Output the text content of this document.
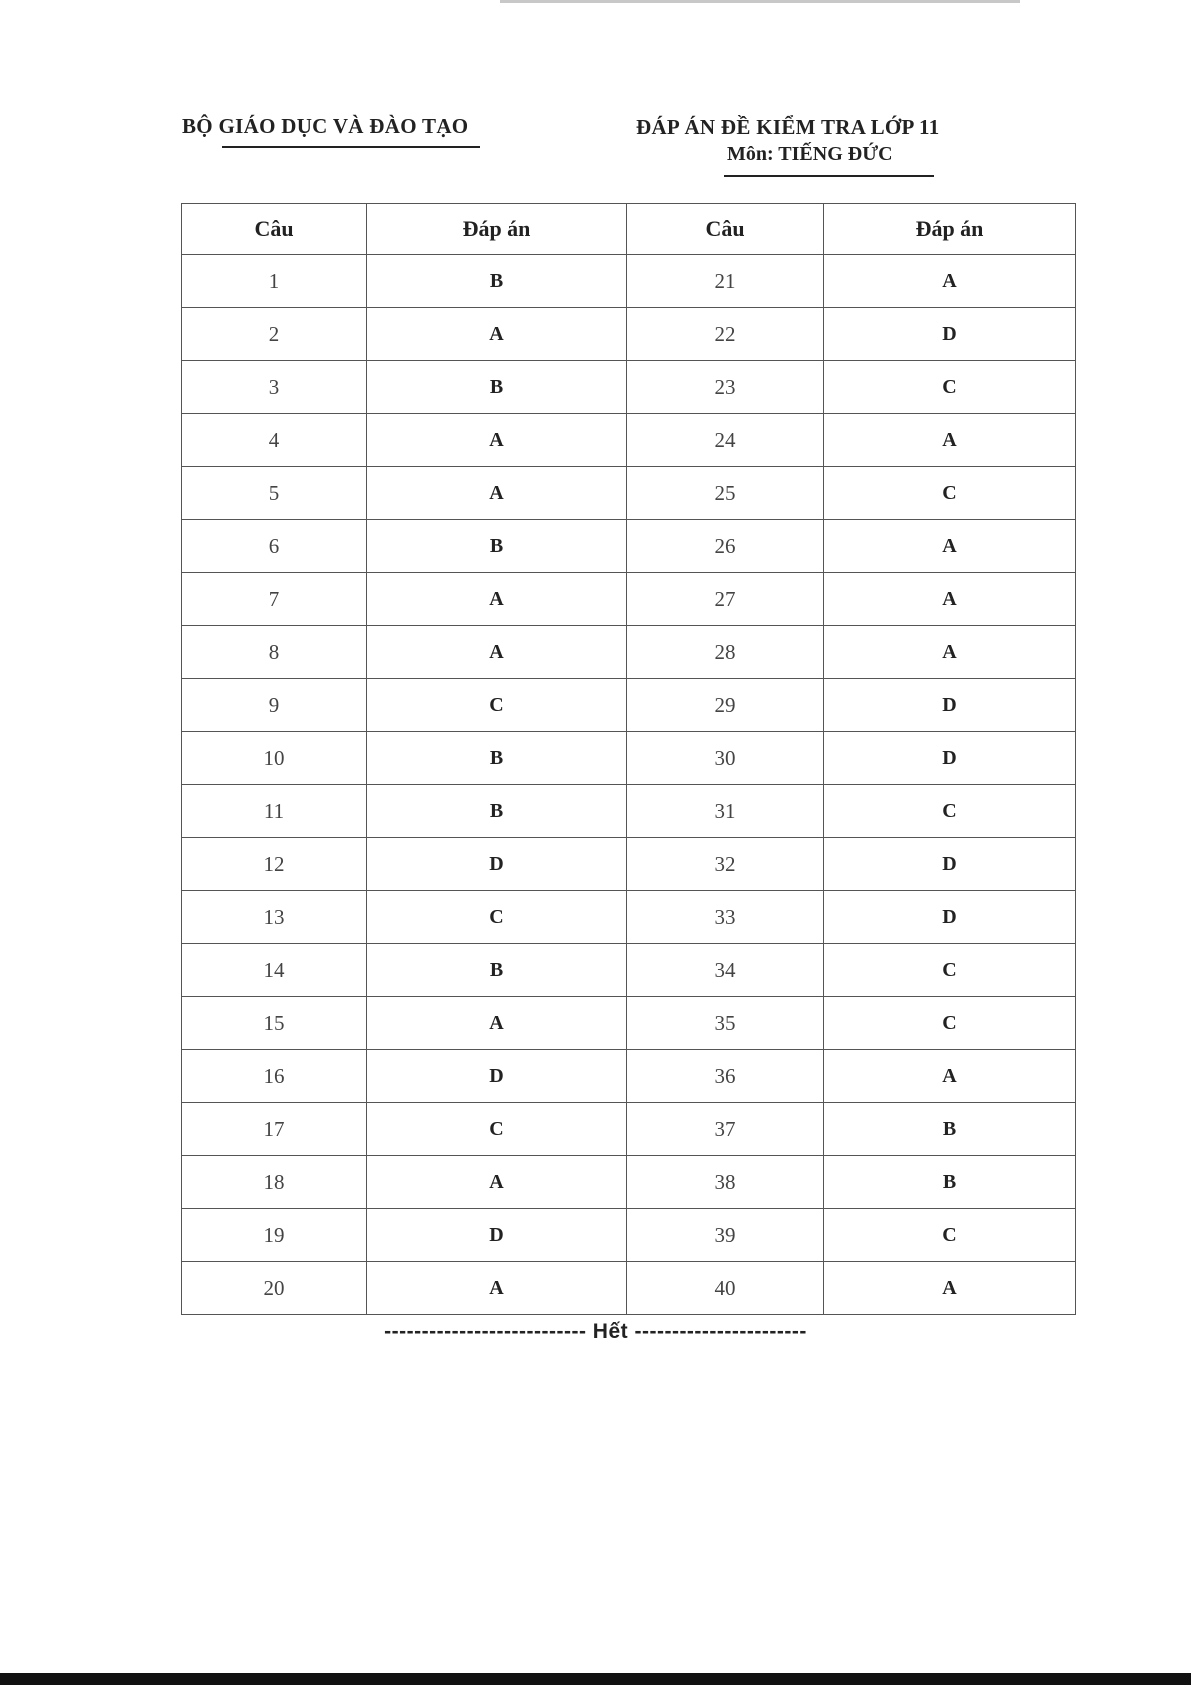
BỘ GIÁO DỤC VÀ ĐÀO TẠO	ĐÁP ÁN ĐỀ KIỂM TRA LỚP 11
Môn: TIẾNG ĐỨC
Câu	Đáp án	Câu	Đáp án
1	B	21	A
2	A	22	D
3	B	23	C
4	A	24	A
5	A	25	C
6	B	26	A
7	A	27	A
8	A	28	A
9	C	29	D
10	B	30	D
11	B	31	C
12	D	32	D
13	C	33	D
14	B	34	C
15	A	35	C
16	D	36	A
17	C	37	B
18	A	38	B
19	D	39	C
20	A	40	A
--------------------------- Hết -----------------------
